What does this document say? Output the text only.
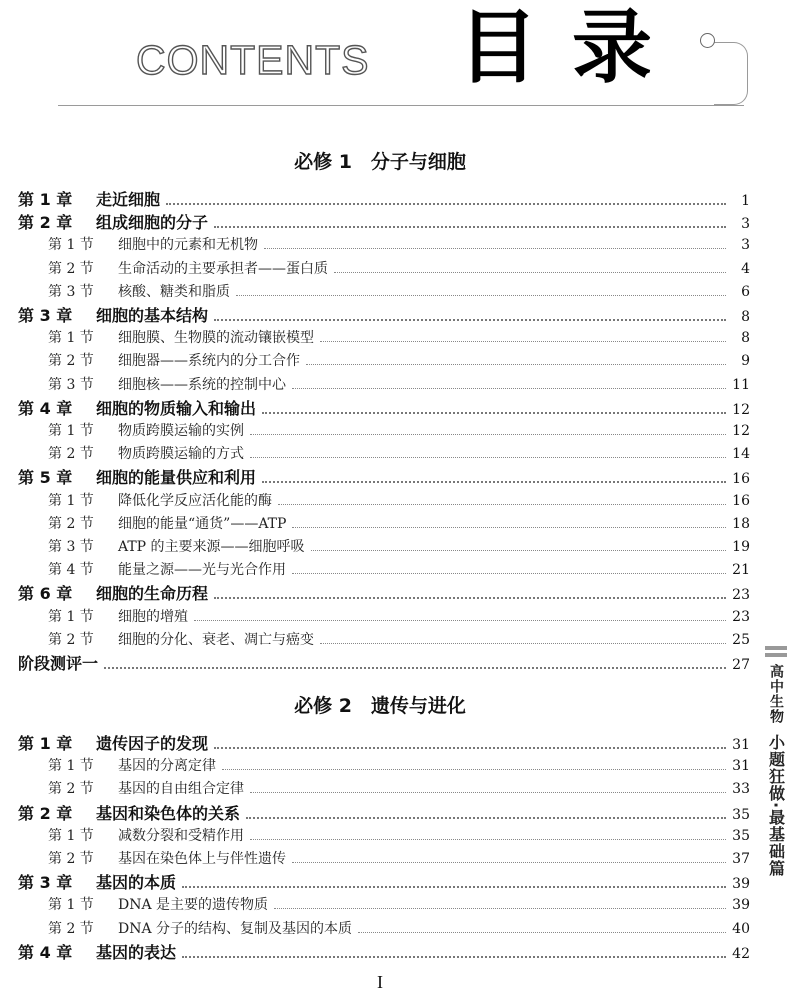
CONTENTS 目录
必修 1　分子与细胞
第 1 章 走近细胞	1
第 2 章 组成细胞的分子	3
第 1 节 细胞中的元素和无机物	3
第 2 节 生命活动的主要承担者——蛋白质	4
第 3 节 核酸、糖类和脂质	6
第 3 章 细胞的基本结构	8
第 1 节 细胞膜、生物膜的流动镶嵌模型	8
第 2 节 细胞器——系统内的分工合作	9
第 3 节 细胞核——系统的控制中心	11
第 4 章 细胞的物质输入和输出	12
第 1 节 物质跨膜运输的实例	12
第 2 节 物质跨膜运输的方式	14
第 5 章 细胞的能量供应和利用	16
第 1 节 降低化学反应活化能的酶	16
第 2 节 细胞的能量“通货”——ATP	18
第 3 节 ATP 的主要来源——细胞呼吸	19
第 4 节 能量之源——光与光合作用	21
第 6 章 细胞的生命历程	23
第 1 节 细胞的增殖	23
第 2 节 细胞的分化、衰老、凋亡与癌变	25
阶段测评一	27
必修 2　遗传与进化
第 1 章 遗传因子的发现	31
第 1 节 基因的分离定律	31
第 2 节 基因的自由组合定律	33
第 2 章 基因和染色体的关系	35
第 1 节 减数分裂和受精作用	35
第 2 节 基因在染色体上与伴性遗传	37
第 3 章 基因的本质	39
第 1 节 DNA 是主要的遗传物质	39
第 2 节 DNA 分子的结构、复制及基因的本质	40
第 4 章 基因的表达	42
高中生物
小题狂做·最基础篇
I
